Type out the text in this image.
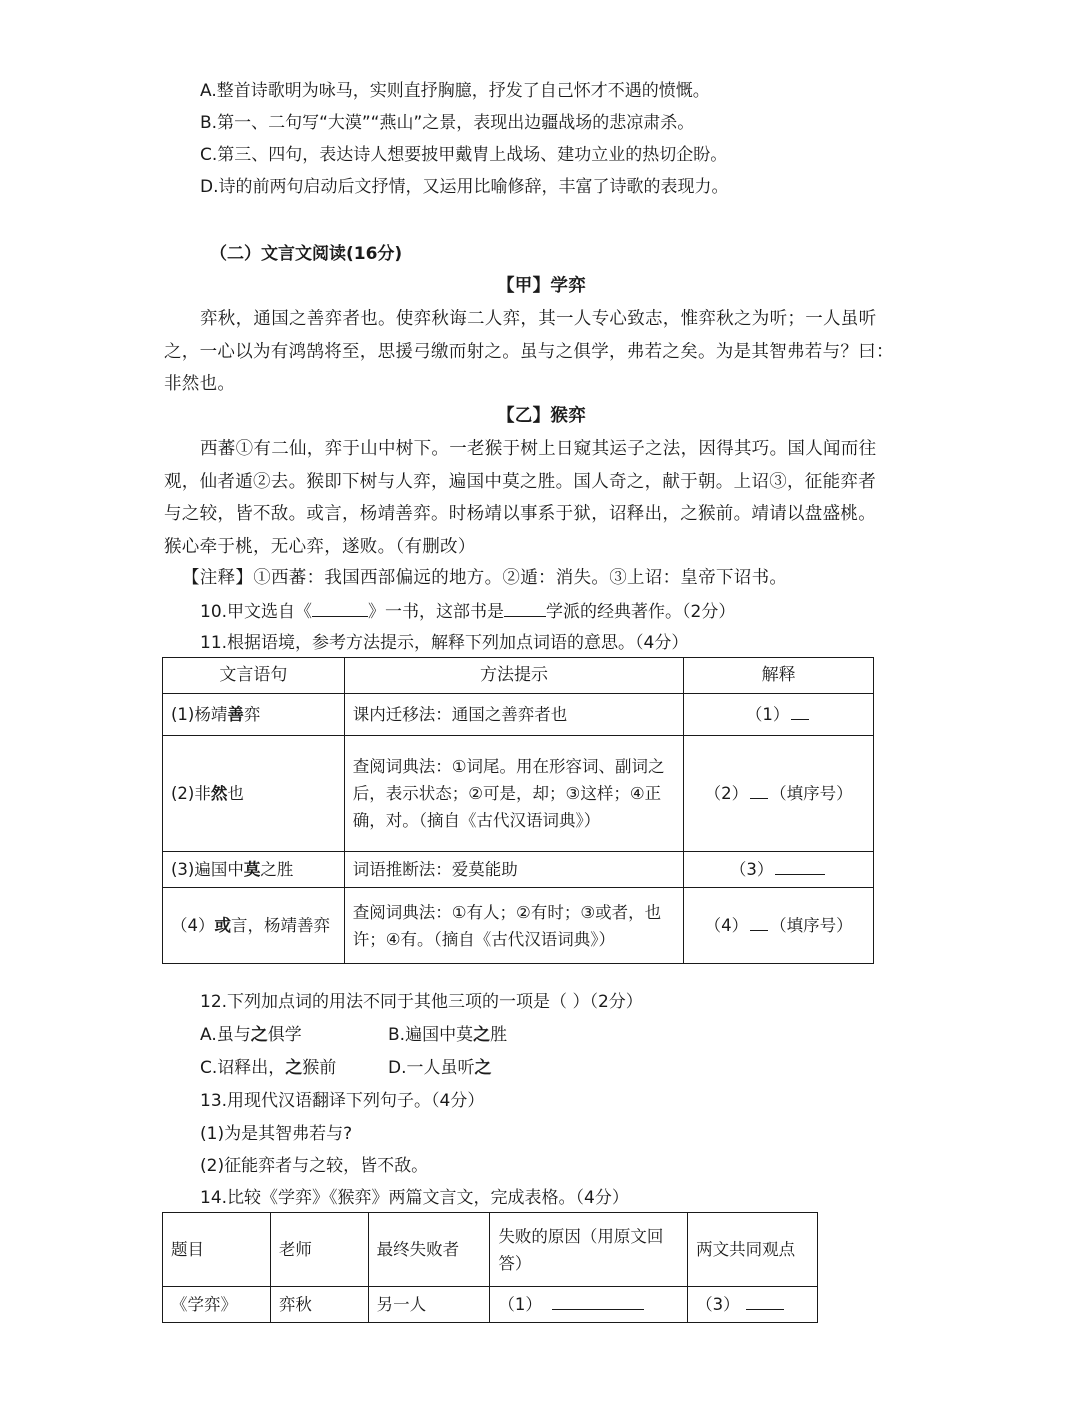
A.整首诗歌明为咏马，实则直抒胸臆，抒发了自己怀才不遇的愤慨。
B.第一、二句写“大漠”“燕山”之景，表现出边疆战场的悲凉肃杀。
C.第三、四句，表达诗人想要披甲戴胄上战场、建功立业的热切企盼。
D.诗的前两句启动后文抒情，又运用比喻修辞，丰富了诗歌的表现力。
（二）文言文阅读(16分)
【甲】学弈
弈秋，通国之善弈者也。使弈秋诲二人弈，其一人专心致志，惟弈秋之为听；一人虽听
之，一心以为有鸿鹄将至，思援弓缴而射之。虽与之俱学，弗若之矣。为是其智弗若与？曰：
非然也。
【乙】猴弈
西蕃①有二仙，弈于山中树下。一老猴于树上日窥其运子之法，因得其巧。国人闻而往
观，仙者遁②去。猴即下树与人弈，遍国中莫之胜。国人奇之，献于朝。上诏③，征能弈者
与之较，皆不敌。或言，杨靖善弈。时杨靖以事系于狱，诏释出，之猴前。靖请以盘盛桃。
猴心牵于桃，无心弈，遂败。（有删改）
【注释】①西蕃：我国西部偏远的地方。②遁：消失。③上诏：皇帝下诏书。
10.甲文选自《	》一书，这部书是 学派的经典著作。（2分）
11.根据语境，参考方法提示，解释下列加点词语的意思。（4分）
文言语句	方法提示	解释
(1)杨靖善弈	课内迁移法：通国之善弈者也	（1）
(2)非然也	查阅词典法：①词尾。用在形容词、副词之后，表示状态；②可是，却；③这样；④正确，对。（摘自《古代汉语词典》）	（2） （填序号）
(3)遍国中莫之胜	词语推断法：爱莫能助	（3）
（4）或言，杨靖善弈	查阅词典法：①有人；②有时；③或者，也许；④有。（摘自《古代汉语词典》）	（4） （填序号）
12.下列加点词的用法不同于其他三项的一项是（ ）（2分）
A.虽与之俱学	B.遍国中莫之胜
C.诏释出，之猴前	D.一人虽听之
13.用现代汉语翻译下列句子。（4分）
(1)为是其智弗若与?
(2)征能弈者与之较，皆不敌。
14.比较《学弈》《猴弈》两篇文言文，完成表格。（4分）
题目	老师	最终失败者	失败的原因（用原文回答）	两文共同观点
《学弈》	弈秋	另一人	（1）	（3）
